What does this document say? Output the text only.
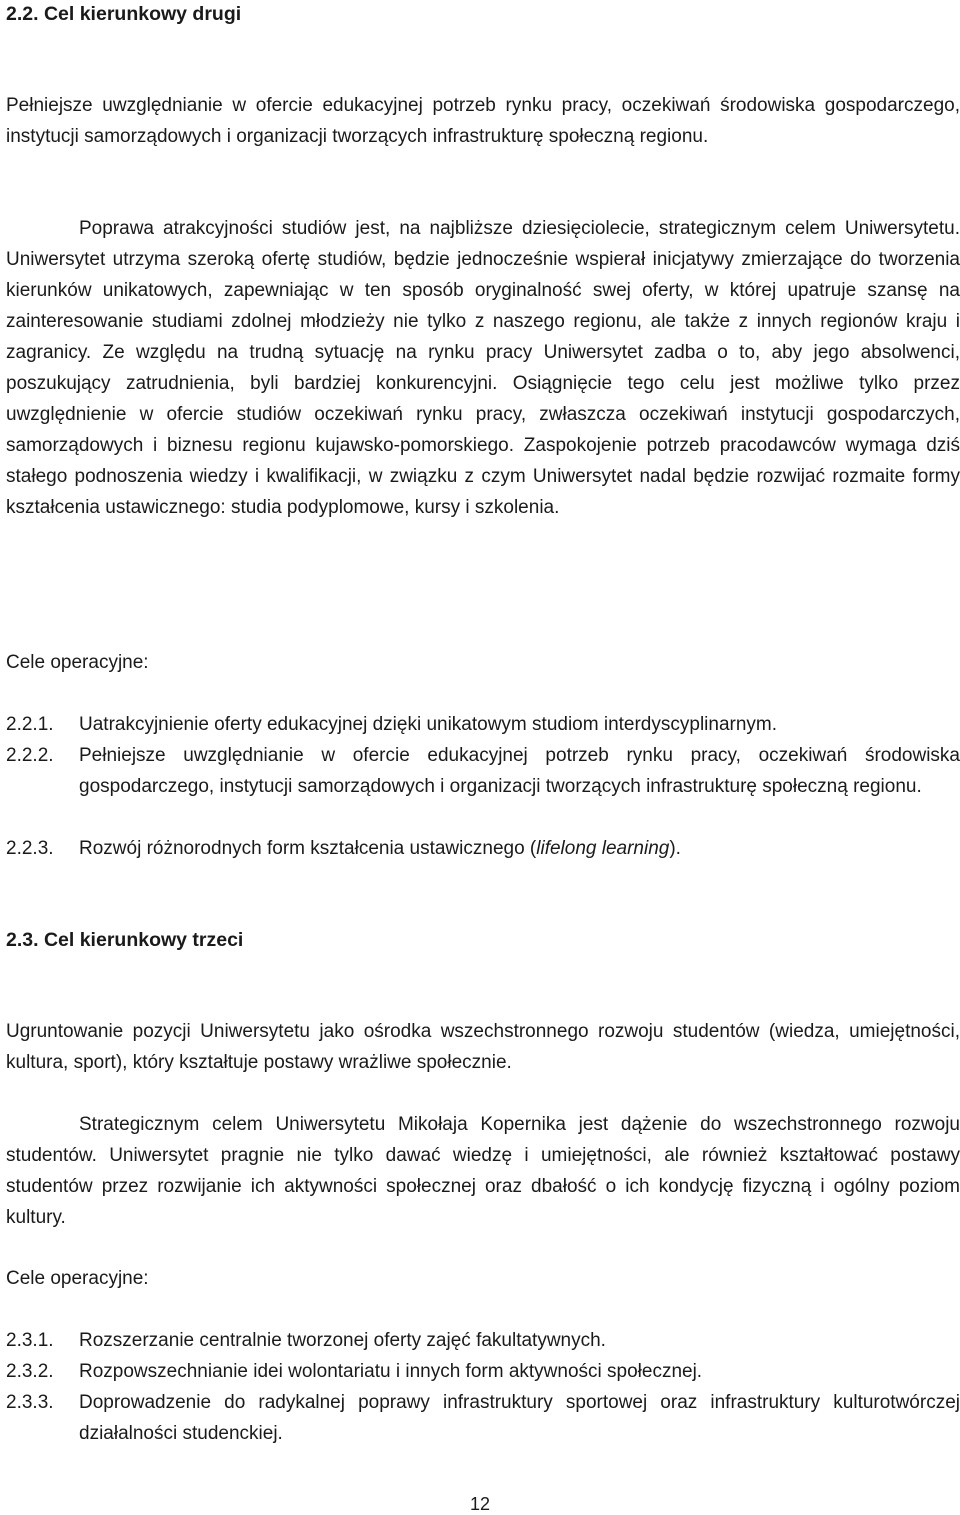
2.2. Cel kierunkowy drugi
Pełniejsze uwzględnianie w ofercie edukacyjnej potrzeb rynku pracy, oczekiwań środowiska gospodarczego, instytucji samorządowych i organizacji tworzących infrastrukturę społeczną regionu.
Poprawa atrakcyjności studiów jest, na najbliższe dziesięciolecie, strategicznym celem Uniwersytetu. Uniwersytet utrzyma szeroką ofertę studiów, będzie jednocześnie wspierał inicjatywy zmierzające do tworzenia kierunków unikatowych, zapewniając w ten sposób oryginalność swej oferty, w której upatruje szansę na zainteresowanie studiami zdolnej młodzieży nie tylko z naszego regionu, ale także z innych regionów kraju i zagranicy. Ze względu na trudną sytuację na rynku pracy Uniwersytet zadba o to, aby jego absolwenci, poszukujący zatrudnienia, byli bardziej konkurencyjni. Osiągnięcie tego celu jest możliwe tylko przez uwzględnienie w ofercie studiów oczekiwań rynku pracy, zwłaszcza oczekiwań instytucji gospodarczych, samorządowych i biznesu regionu kujawsko-pomorskiego. Zaspokojenie potrzeb pracodawców wymaga dziś stałego podnoszenia wiedzy i kwalifikacji, w związku z czym Uniwersytet nadal będzie rozwijać rozmaite formy kształcenia ustawicznego: studia podyplomowe, kursy i szkolenia.
Cele operacyjne:
2.2.1.	Uatrakcyjnienie oferty edukacyjnej dzięki unikatowym studiom interdyscyplinarnym.
2.2.2.	Pełniejsze uwzględnianie w ofercie edukacyjnej potrzeb rynku pracy, oczekiwań środowiska gospodarczego, instytucji samorządowych i organizacji tworzących infrastrukturę społeczną regionu.
2.2.3.	Rozwój różnorodnych form kształcenia ustawicznego (lifelong learning).
2.3. Cel kierunkowy trzeci
Ugruntowanie pozycji Uniwersytetu jako ośrodka wszechstronnego rozwoju studentów (wiedza, umiejętności, kultura, sport), który kształtuje postawy wrażliwe społecznie.
Strategicznym celem Uniwersytetu Mikołaja Kopernika jest dążenie do wszechstronnego rozwoju studentów. Uniwersytet pragnie nie tylko dawać wiedzę i umiejętności, ale również kształtować postawy studentów przez rozwijanie ich aktywności społecznej oraz dbałość o ich kondycję fizyczną i ogólny poziom kultury.
Cele operacyjne:
2.3.1.	Rozszerzanie centralnie tworzonej oferty zajęć fakultatywnych.
2.3.2.	Rozpowszechnianie idei wolontariatu i innych form aktywności społecznej.
2.3.3.	Doprowadzenie do radykalnej poprawy infrastruktury sportowej oraz infrastruktury kulturotwórczej działalności studenckiej.
12
